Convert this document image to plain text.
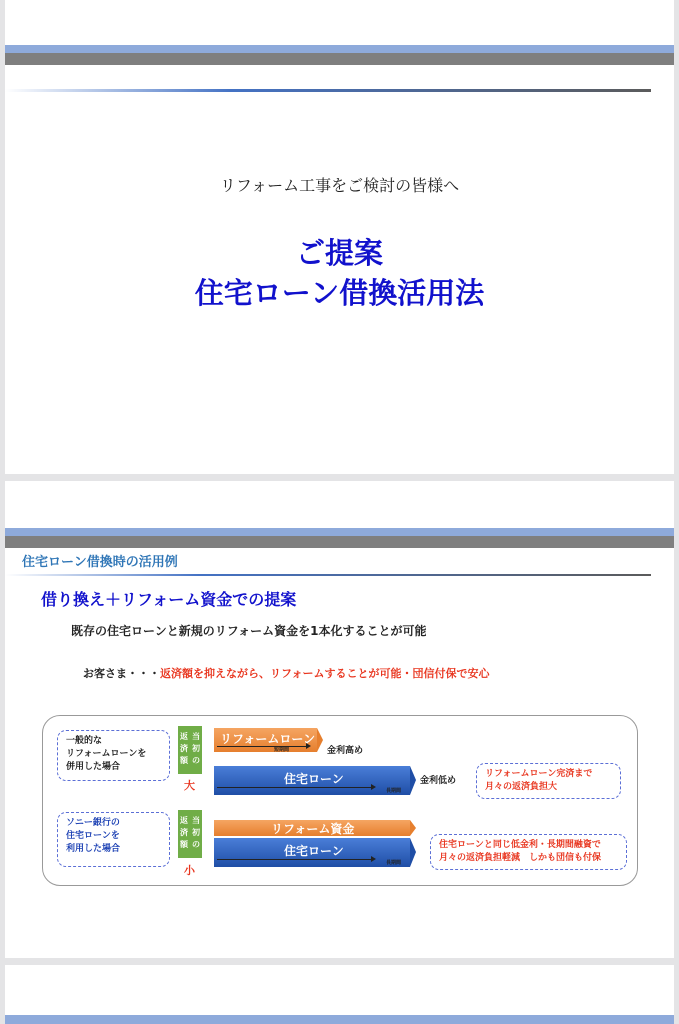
リフォーム工事をご検討の皆様へ
ご提案
住宅ローン借換活用法
住宅ローン借換時の活用例
借り換え＋リフォーム資金での提案
既存の住宅ローンと新規のリフォーム資金を1本化することが可能
お客さま・・・返済額を抑えながら、リフォームすることが可能・団信付保で安心
一般的な
リフォームローンを
併用した場合
当
初
の
返
済
額
大
リフォームローン
短期間	金利高め
住宅ローン
長期間
金利低め
リフォームローン完済まで
月々の返済負担大
ソニー銀行の
住宅ローンを
利用した場合
当
初
の
返
済
額
小
リフォーム資金
住宅ローン
長期間
住宅ローンと同じ低金利・長期間融資で
月々の返済負担軽減　しかも団信も付保
